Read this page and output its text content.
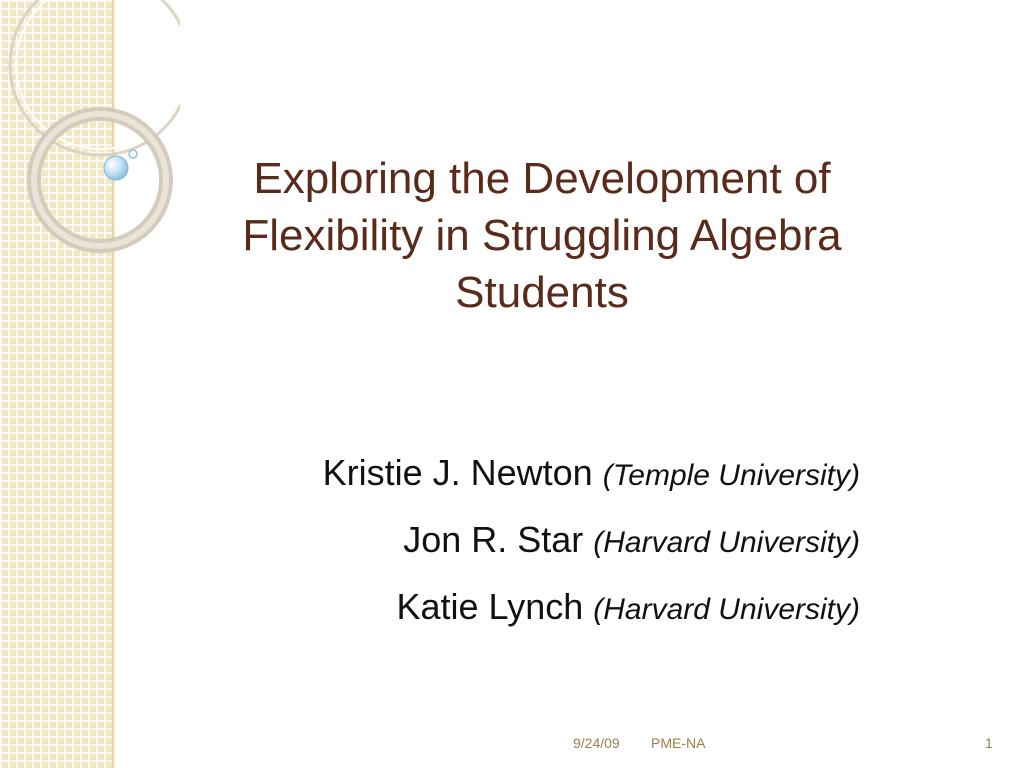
Exploring the Development of
Flexibility in Struggling Algebra
Students
Kristie J. Newton (Temple University)
Jon R. Star (Harvard University)
Katie Lynch (Harvard University)
9/24/09 PME-NA	1
